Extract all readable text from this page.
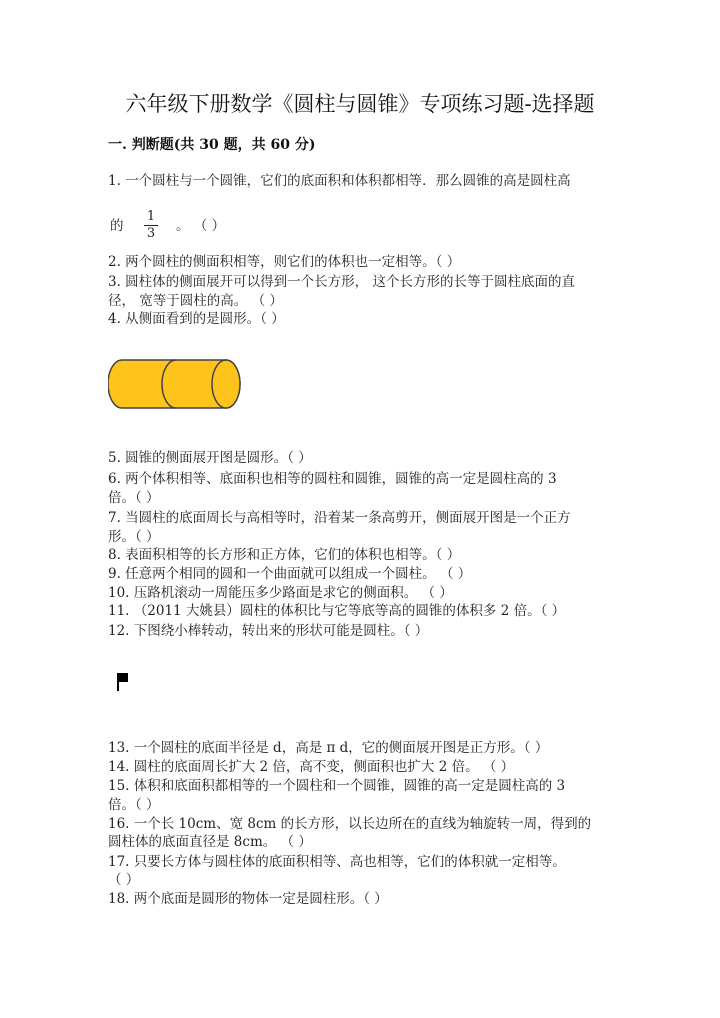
六年级下册数学《圆柱与圆锥》专项练习题-选择题
一. 判断题(共 30 题，共 60 分)
1. 一个圆柱与一个圆锥，它们的底面积和体积都相等．那么圆锥的高是圆柱高
的
1
3 。 （ ）
2. 两个圆柱的侧面积相等，则它们的体积也一定相等。（ ）
3. 圆柱体的侧面展开可以得到一个长方形， 这个长方形的长等于圆柱底面的直
径， 宽等于圆柱的高。 （ ）
4. 从侧面看到的是圆形。（ ）
5. 圆锥的侧面展开图是圆形。（ ）
6. 两个体积相等、底面积也相等的圆柱和圆锥，圆锥的高一定是圆柱高的 3
倍。（ ）
7. 当圆柱的底面周长与高相等时，沿着某一条高剪开，侧面展开图是一个正方
形。（ ）
8. 表面积相等的长方形和正方体，它们的体积也相等。（ ）
9. 任意两个相同的圆和一个曲面就可以组成一个圆柱。 （ ）
10. 压路机滚动一周能压多少路面是求它的侧面积。 （ ）
11. （2011 大姚县）圆柱的体积比与它等底等高的圆锥的体积多 2 倍。（ ）
12. 下图绕小棒转动，转出来的形状可能是圆柱。（ ）
13. 一个圆柱的底面半径是 d，高是 π d，它的侧面展开图是正方形。（ ）
14. 圆柱的底面周长扩大 2 倍，高不变，侧面积也扩大 2 倍。 （ ）
15. 体积和底面积都相等的一个圆柱和一个圆锥，圆锥的高一定是圆柱高的 3
倍。（ ）
16. 一个长 10cm、宽 8cm 的长方形，以长边所在的直线为轴旋转一周，得到的
圆柱体的底面直径是 8cm。 （ ）
17. 只要长方体与圆柱体的底面积相等、高也相等，它们的体积就一定相等。
（ ）
18. 两个底面是圆形的物体一定是圆柱形。（ ）
